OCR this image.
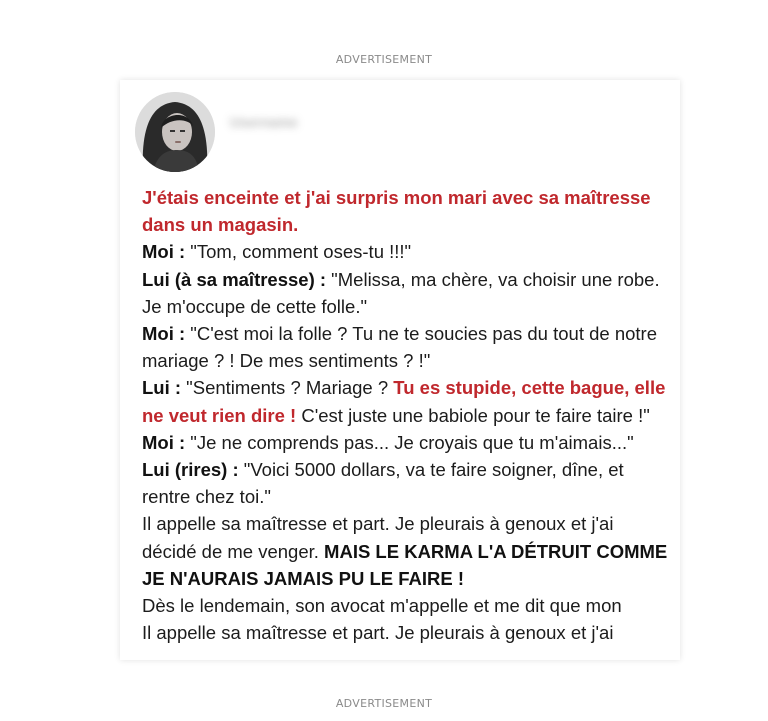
ADVERTISEMENT
Username

J'étais enceinte et j'ai surpris mon mari avec sa maîtresse dans un magasin.

Moi : "Tom, comment oses-tu !!!"

Lui (à sa maîtresse) : "Melissa, ma chère, va choisir une robe. Je m'occupe de cette folle."

Moi : "C'est moi la folle ? Tu ne te soucies pas du tout de notre mariage ? ! De mes sentiments ? !"

Lui : "Sentiments ? Mariage ? Tu es stupide, cette bague, elle ne veut rien dire ! C'est juste une babiole pour te faire taire !"

Moi : "Je ne comprends pas... Je croyais que tu m'aimais..."

Lui (rires) : "Voici 5000 dollars, va te faire soigner, dîne, et rentre chez toi."

Il appelle sa maîtresse et part. Je pleurais à genoux et j'ai décidé de me venger. MAIS LE KARMA L'A DÉTRUIT COMME JE N'AURAIS JAMAIS PU LE FAIRE !

Dès le lendemain, son avocat m'appelle et me dit que mon

Il appelle sa maîtresse et part. Je pleurais à genoux et j'ai

ADVERTISEMENT
